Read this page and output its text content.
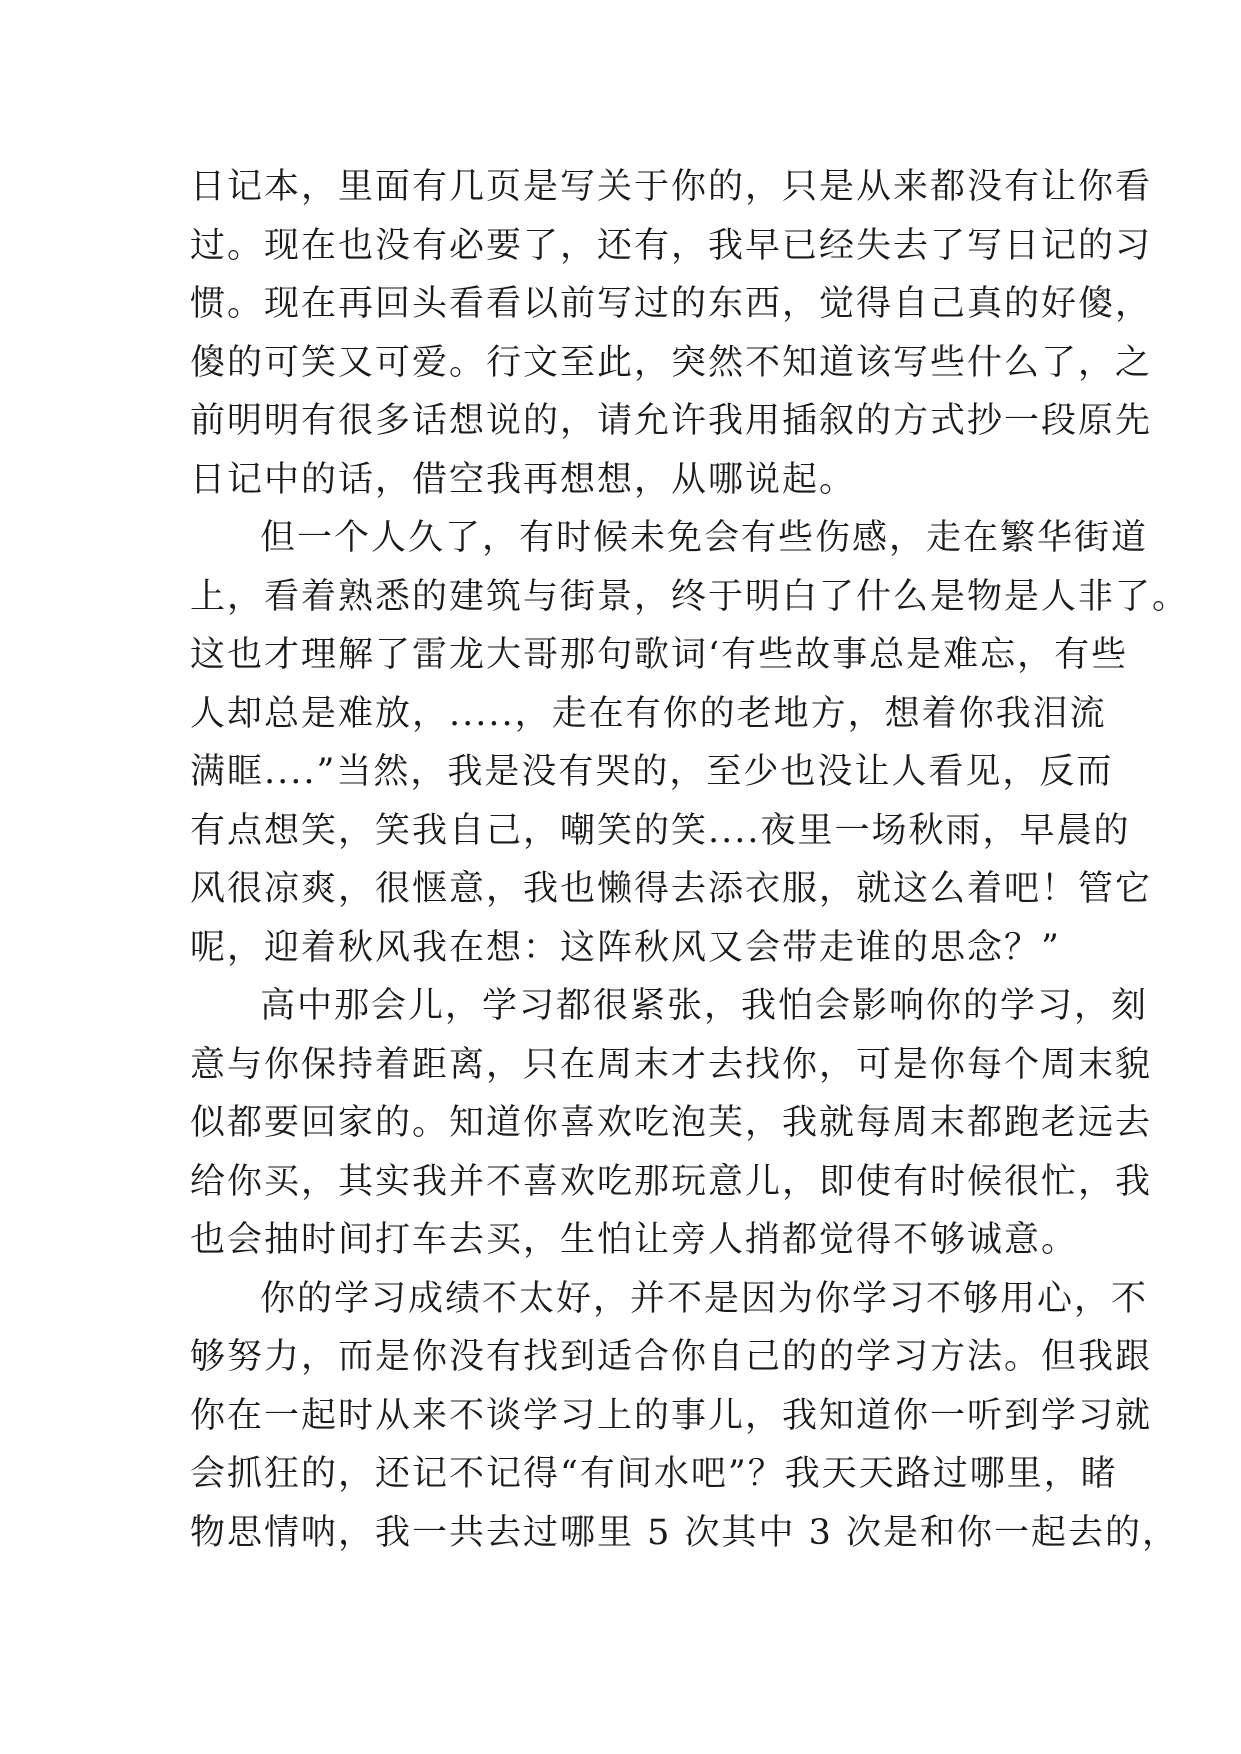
日记本，里面有几页是写关于你的，只是从来都没有让你看
过。现在也没有必要了，还有，我早已经失去了写日记的习
惯。现在再回头看看以前写过的东西，觉得自己真的好傻，
傻的可笑又可爱。行文至此，突然不知道该写些什么了，之
前明明有很多话想说的，请允许我用插叙的方式抄一段原先
日记中的话，借空我再想想，从哪说起。
但一个人久了，有时候未免会有些伤感，走在繁华街道
上，看着熟悉的建筑与街景，终于明白了什么是物是人非了。
这也才理解了雷龙大哥那句歌词‘有些故事总是难忘，有些
人却总是难放，.....，走在有你的老地方，想着你我泪流
满眶....”当然，我是没有哭的，至少也没让人看见，反而
有点想笑，笑我自己，嘲笑的笑....夜里一场秋雨，早晨的
风很凉爽，很惬意，我也懒得去添衣服，就这么着吧！管它
呢，迎着秋风我在想：这阵秋风又会带走谁的思念？”
高中那会儿，学习都很紧张，我怕会影响你的学习，刻
意与你保持着距离，只在周末才去找你，可是你每个周末貌
似都要回家的。知道你喜欢吃泡芙，我就每周末都跑老远去
给你买，其实我并不喜欢吃那玩意儿，即使有时候很忙，我
也会抽时间打车去买，生怕让旁人捎都觉得不够诚意。
你的学习成绩不太好，并不是因为你学习不够用心，不
够努力，而是你没有找到适合你自己的的学习方法。但我跟
你在一起时从来不谈学习上的事儿，我知道你一听到学习就
会抓狂的，还记不记得“有间水吧”？我天天路过哪里，睹
物思情呐，我一共去过哪里 5 次其中 3 次是和你一起去的，
